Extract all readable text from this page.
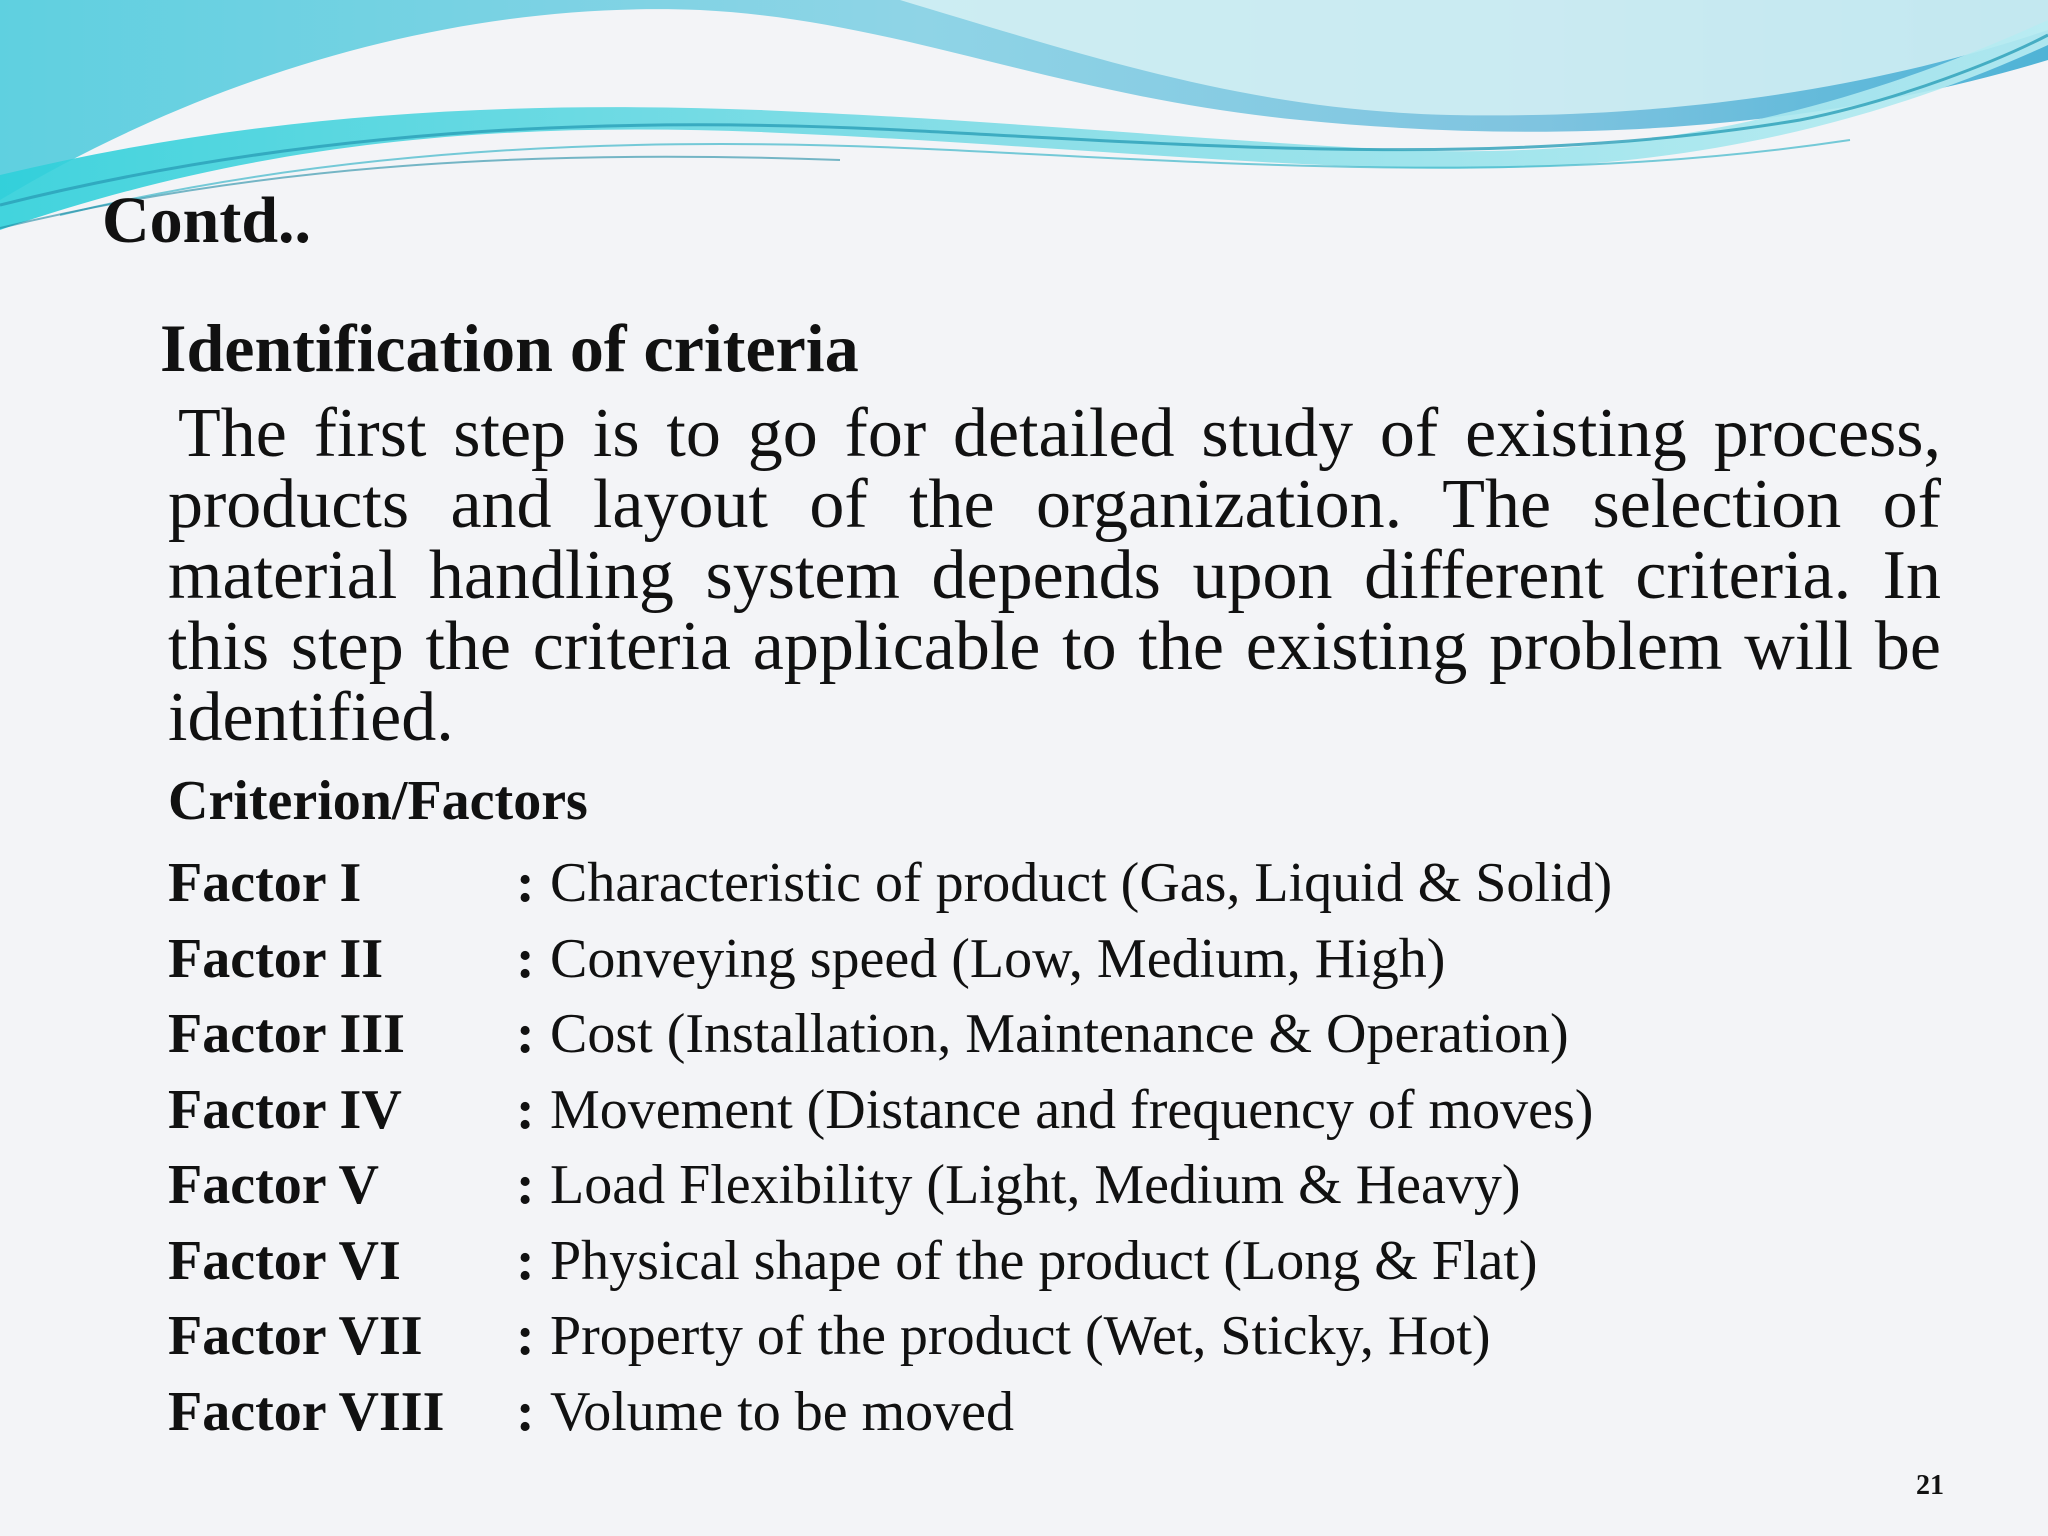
Contd..
Identification of criteria
The first step is to go for detailed study of existing process, products and layout of the organization. The selection of material handling system depends upon different criteria. In this step the criteria applicable to the existing problem will be identified.
Criterion/Factors
Factor I	: Characteristic of product (Gas, Liquid & Solid)
Factor II	: Conveying speed (Low, Medium, High)
Factor III	: Cost (Installation, Maintenance & Operation)
Factor IV	: Movement (Distance and frequency of moves)
Factor V	: Load Flexibility (Light, Medium & Heavy)
Factor VI	: Physical shape of the product (Long & Flat)
Factor VII	: Property of the product (Wet, Sticky, Hot)
Factor VIII	: Volume to be moved
21
